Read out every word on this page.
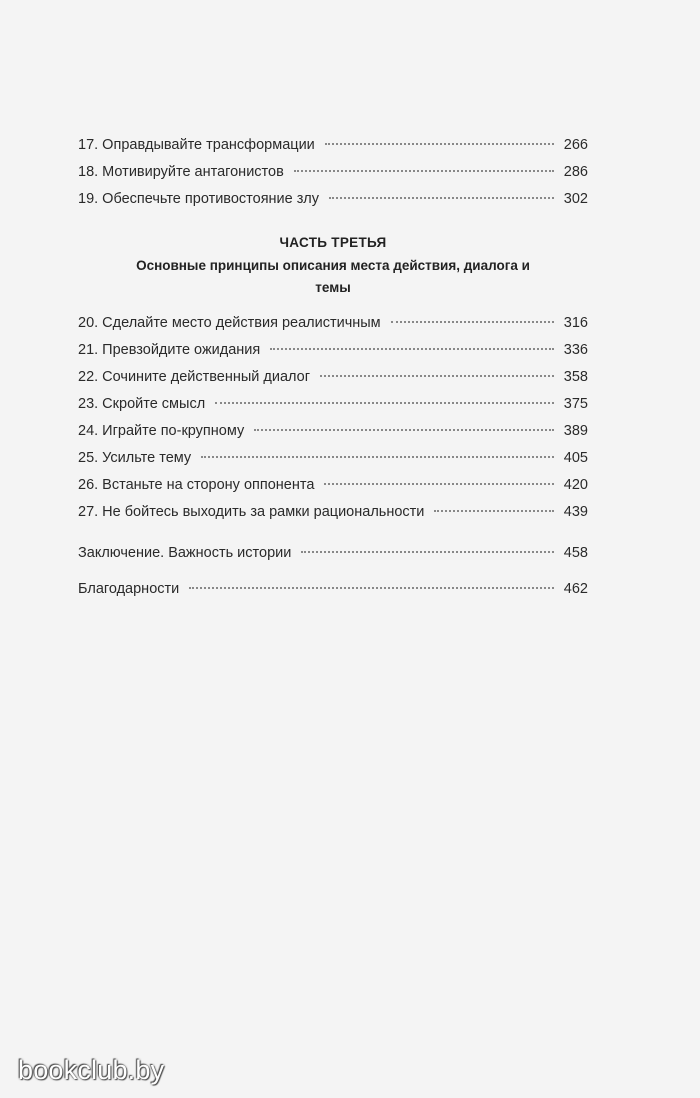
17. Оправдывайте трансформации	266
18. Мотивируйте антагонистов	286
19. Обеспечьте противостояние злу	302
ЧАСТЬ ТРЕТЬЯ
Основные принципы описания места действия, диалога и темы
20. Сделайте место действия реалистичным	316
21. Превзойдите ожидания	336
22. Сочините действенный диалог	358
23. Скройте смысл	375
24. Играйте по-крупному	389
25. Усильте тему	405
26. Встаньте на сторону оппонента	420
27. Не бойтесь выходить за рамки рациональности	439
Заключение. Важность истории	458
Благодарности	462
bookclub.by
